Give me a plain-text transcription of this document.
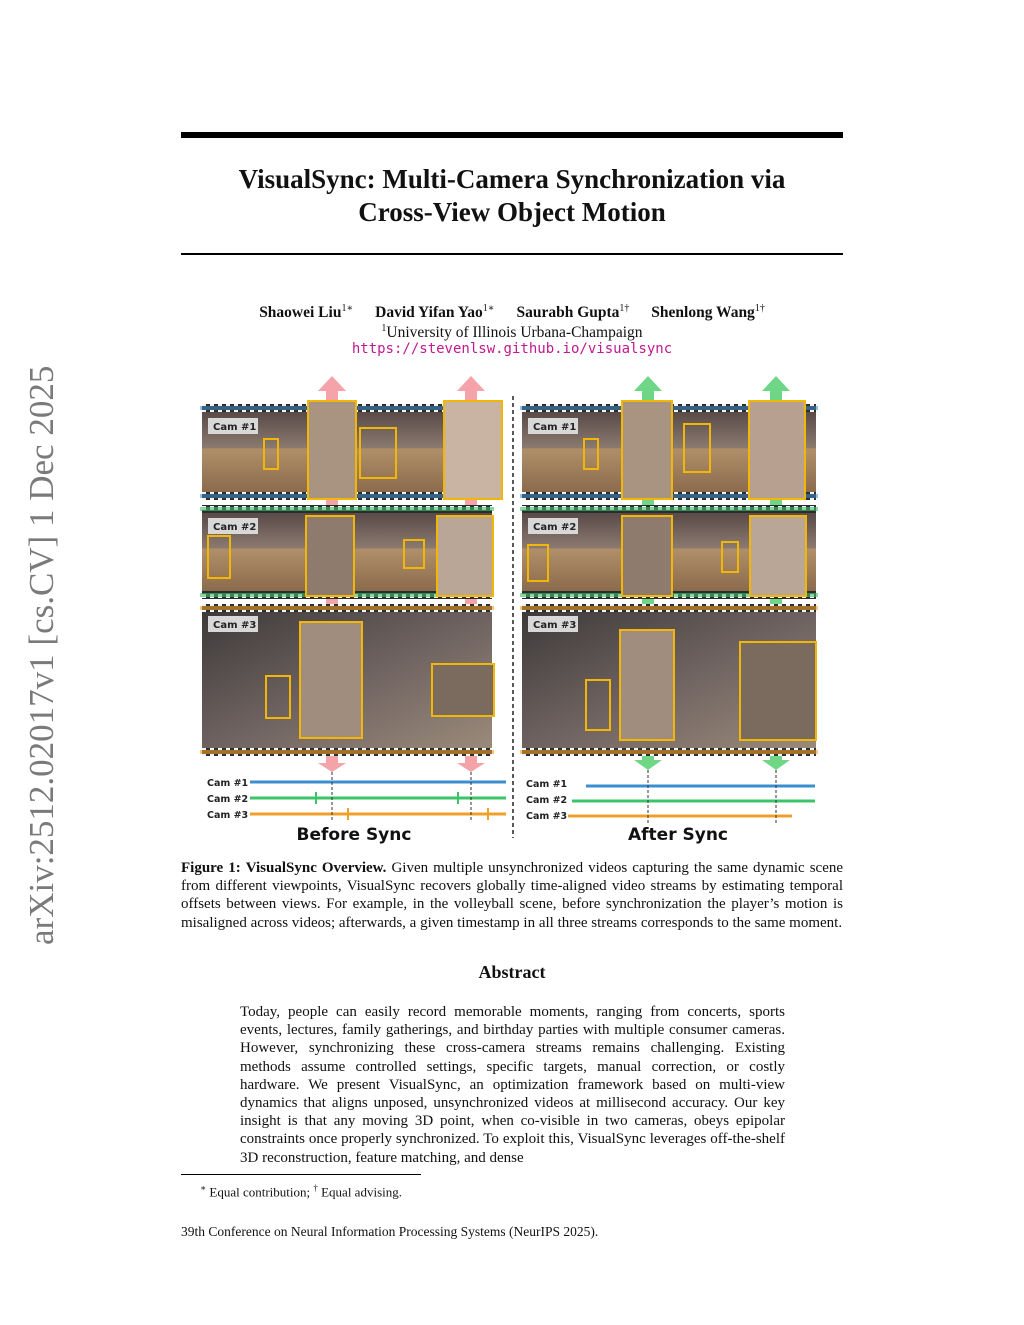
arXiv:2512.02017v1 [cs.CV] 1 Dec 2025
VisualSync: Multi-Camera Synchronization via
Cross-View Object Motion
Shaowei Liu$^{1∗}$ David Yifan Yao$^{1∗}$ Saurabh Gupta$^{1\dagger}$ Shenlong Wang$^{1\dagger}$
$^1$University of Illinois Urbana-Champaign
https://stevenlsw.github.io/visualsync
Cam #1
Cam #2
Cam #3
Cam #1
Cam #2
Cam #3
Before Sync
Cam #1
Cam #2
Cam #3
Cam #1
Cam #2
Cam #3
After Sync
Figure 1: VisualSync Overview. Given multiple unsynchronized videos capturing the same dynamic scene from different viewpoints, VisualSync recovers globally time-aligned video streams by estimating temporal offsets between views. For example, in the volleyball scene, before synchronization the player’s motion is misaligned across videos; afterwards, a given timestamp in all three streams corresponds to the same moment.
Abstract
Today, people can easily record memorable moments, ranging from concerts, sports events, lectures, family gatherings, and birthday parties with multiple consumer cameras. However, synchronizing these cross-camera streams remains challenging. Existing methods assume controlled settings, specific targets, manual correction, or costly hardware. We present VisualSync, an optimization framework based on multi-view dynamics that aligns unposed, unsynchronized videos at millisecond accuracy. Our key insight is that any moving 3D point, when co-visible in two cameras, obeys epipolar constraints once properly synchronized. To exploit this, VisualSync leverages off-the-shelf 3D reconstruction, feature matching, and dense
∗ Equal contribution; † Equal advising.
39th Conference on Neural Information Processing Systems (NeurIPS 2025).
